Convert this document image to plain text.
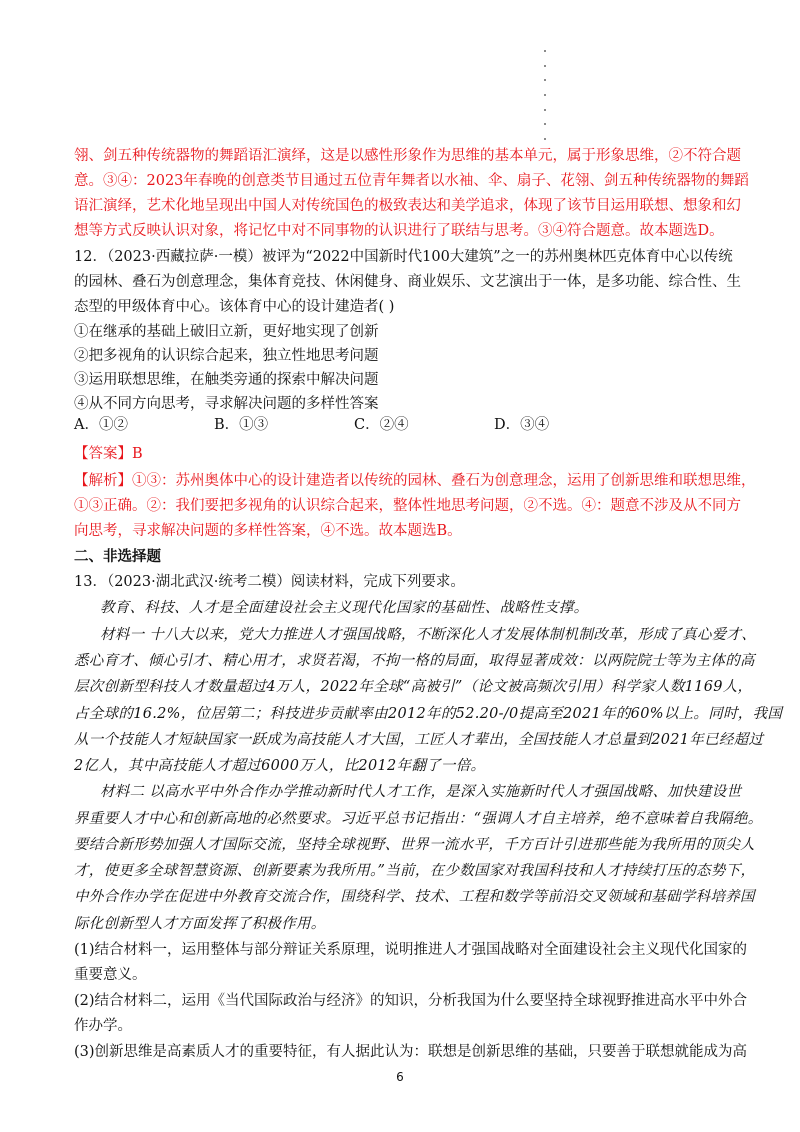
翎、剑五种传统器物的舞蹈语汇演绎，这是以感性形象作为思维的基本单元，属于形象思维，②不符合题
意。③④：2023年春晚的创意类节目通过五位青年舞者以水袖、伞、扇子、花翎、剑五种传统器物的舞蹈
语汇演绎，艺术化地呈现出中国人对传统国色的极致表达和美学追求，体现了该节目运用联想、想象和幻
想等方式反映认识对象，将记忆中对不同事物的认识进行了联结与思考。③④符合题意。故本题选D。
12．（2023·西藏拉萨·一模）被评为“2022中国新时代100大建筑”之一的苏州奥林匹克体育中心以传统
的园林、叠石为创意理念，集体育竞技、休闲健身、商业娱乐、文艺演出于一体，是多功能、综合性、生
态型的甲级体育中心。该体育中心的设计建造者( )
①在继承的基础上破旧立新，更好地实现了创新
②把多视角的认识综合起来，独立性地思考问题
③运用联想思维，在触类旁通的探索中解决问题
④从不同方向思考，寻求解决问题的多样性答案
A．①②	B．①③	C．②④	D．③④
【答案】B
【解析】①③：苏州奥体中心的设计建造者以传统的园林、叠石为创意理念，运用了创新思维和联想思维，
①③正确。②：我们要把多视角的认识综合起来，整体性地思考问题，②不选。④：题意不涉及从不同方
向思考，寻求解决问题的多样性答案，④不选。故本题选B。
二、非选择题
13．（2023·湖北武汉·统考二模）阅读材料，完成下列要求。
教育、科技、人才是全面建设社会主义现代化国家的基础性、战略性支撑。
材料一 十八大以来，党大力推进人才强国战略，不断深化人才发展体制机制改革，形成了真心爱才、
悉心育才、倾心引才、精心用才，求贤若渴，不拘一格的局面，取得显著成效：以两院院士等为主体的高
层次创新型科技人才数量超过4万人，2022年全球“高被引”（论文被高频次引用）科学家人数1169人，
占全球的16.2%，位居第二；科技进步贡献率由2012年的52.20-/0提高至2021年的60%以上。同时，我国
从一个技能人才短缺国家一跃成为高技能人才大国，工匠人才辈出，全国技能人才总量到2021年已经超过
2亿人，其中高技能人才超过6000万人，比2012年翻了一倍。
材料二 以高水平中外合作办学推动新时代人才工作，是深入实施新时代人才强国战略、加快建设世
界重要人才中心和创新高地的必然要求。习近平总书记指出：“强调人才自主培养，绝不意味着自我隔绝。
要结合新形势加强人才国际交流，坚持全球视野、世界一流水平，千方百计引进那些能为我所用的顶尖人
才，使更多全球智慧资源、创新要素为我所用。”当前，在少数国家对我国科技和人才持续打压的态势下，
中外合作办学在促进中外教育交流合作，围绕科学、技术、工程和数学等前沿交叉领域和基础学科培养国
际化创新型人才方面发挥了积极作用。
(1)结合材料一，运用整体与部分辩证关系原理，说明推进人才强国战略对全面建设社会主义现代化国家的
重要意义。
(2)结合材料二，运用《当代国际政治与经济》的知识，分析我国为什么要坚持全球视野推进高水平中外合
作办学。
(3)创新思维是高素质人才的重要特征，有人据此认为：联想是创新思维的基础，只要善于联想就能成为高
6
